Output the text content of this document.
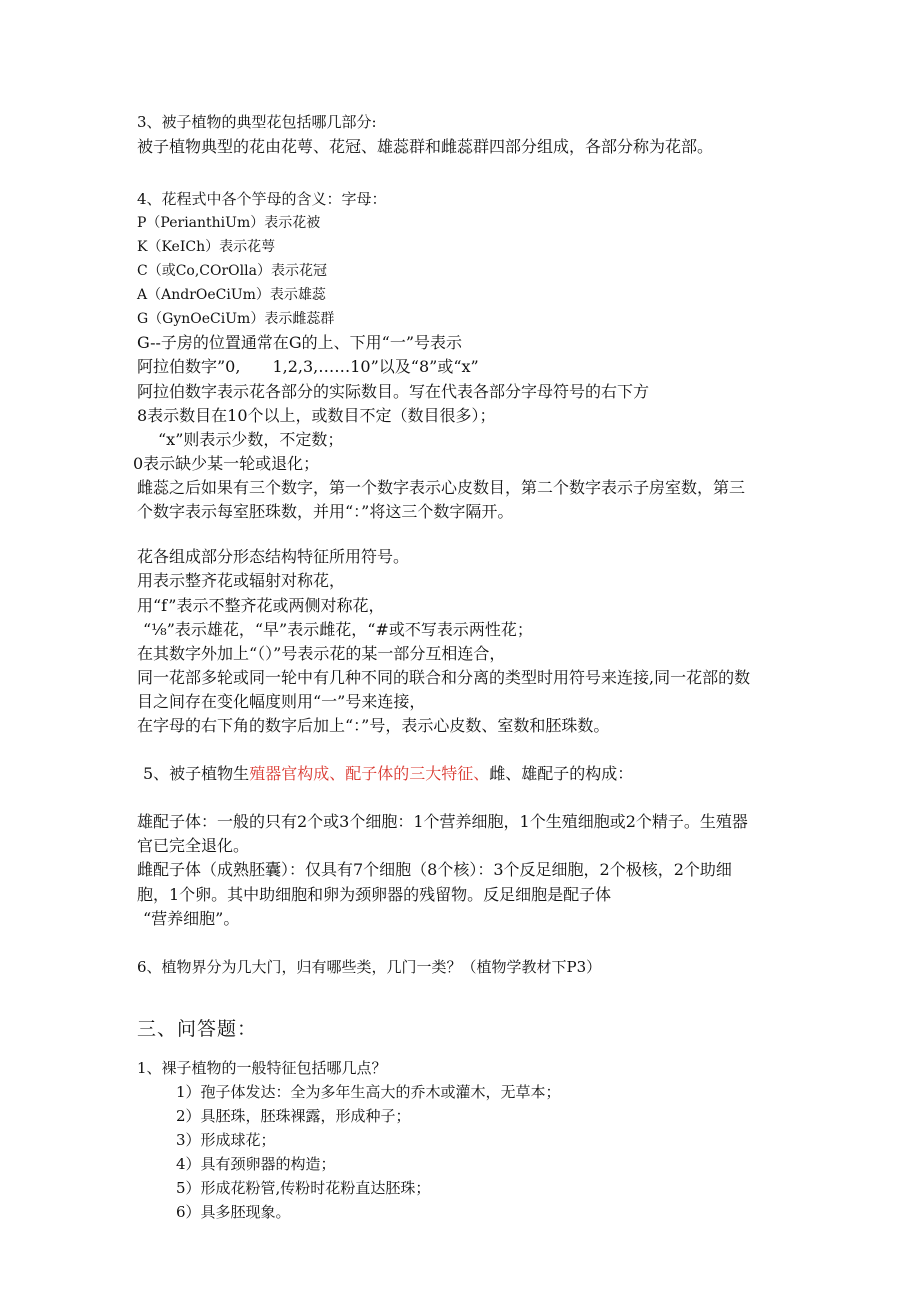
3、被子植物的典型花包括哪几部分:
被子植物典型的花由花萼、花冠、雄蕊群和雌蕊群四部分组成，各部分称为花部。
4、花程式中各个竽母的含义：字母：
P（PerianthiUm）表示花被
K（KeICh）表示花萼
C（或Co,COrOlla）表示花冠
A（AndrOeCiUm）表示雄蕊
G（GynOeCiUm）表示雌蕊群
G--子房的位置通常在G的上、下用“一”号表示
阿拉伯数字”0,　　1,2,3,……10”以及“8”或“x”
阿拉伯数字表示花各部分的实际数目。写在代表各部分字母符号的右下方
8表示数目在10个以上，或数目不定（数目很多）；
“x”则表示少数，不定数；
0表示缺少某一轮或退化；
雌蕊之后如果有三个数字，第一个数字表示心皮数目，第二个数字表示子房室数，第三
个数字表示每室胚珠数，并用“：”将这三个数字隔开。
花各组成部分形态结构特征所用符号。
用表示整齐花或辐射对称花，
用“f”表示不整齐花或两侧对称花，
“⅛”表示雄花，“早”表示雌花，“#或不写表示两性花；
在其数字外加上“（）”号表示花的某一部分互相连合，
同一花部多轮或同一轮中有几种不同的联合和分离的类型时用符号来连接,同一花部的数
目之间存在变化幅度则用“一”号来连接，
在字母的右下角的数字后加上“：”号，表示心皮数、室数和胚珠数。
5、被子植物生殖器官构成、配子体的三大特征、雌、雄配子的构成：
雄配子体：一般的只有2个或3个细胞：1个营养细胞，1个生殖细胞或2个精子。生殖器
官已完全退化。
雌配子体（成熟胚囊）：仅具有7个细胞（8个核）：3个反足细胞，2个极核，2个助细
胞，1个卵。其中助细胞和卵为颈卵器的残留物。反足细胞是配子体
“营养细胞”。
6、植物界分为几大门，归有哪些类，几门一类？（植物学教材下P3）
三、问答题：
1、裸子植物的一般特征包括哪几点？
1）孢子体发达：全为多年生高大的乔木或灌木，无草本；
2）具胚珠，胚珠裸露，形成种子；
3）形成球花；
4）具有颈卵器的构造；
5）形成花粉管,传粉时花粉直达胚珠；
6）具多胚现象。
